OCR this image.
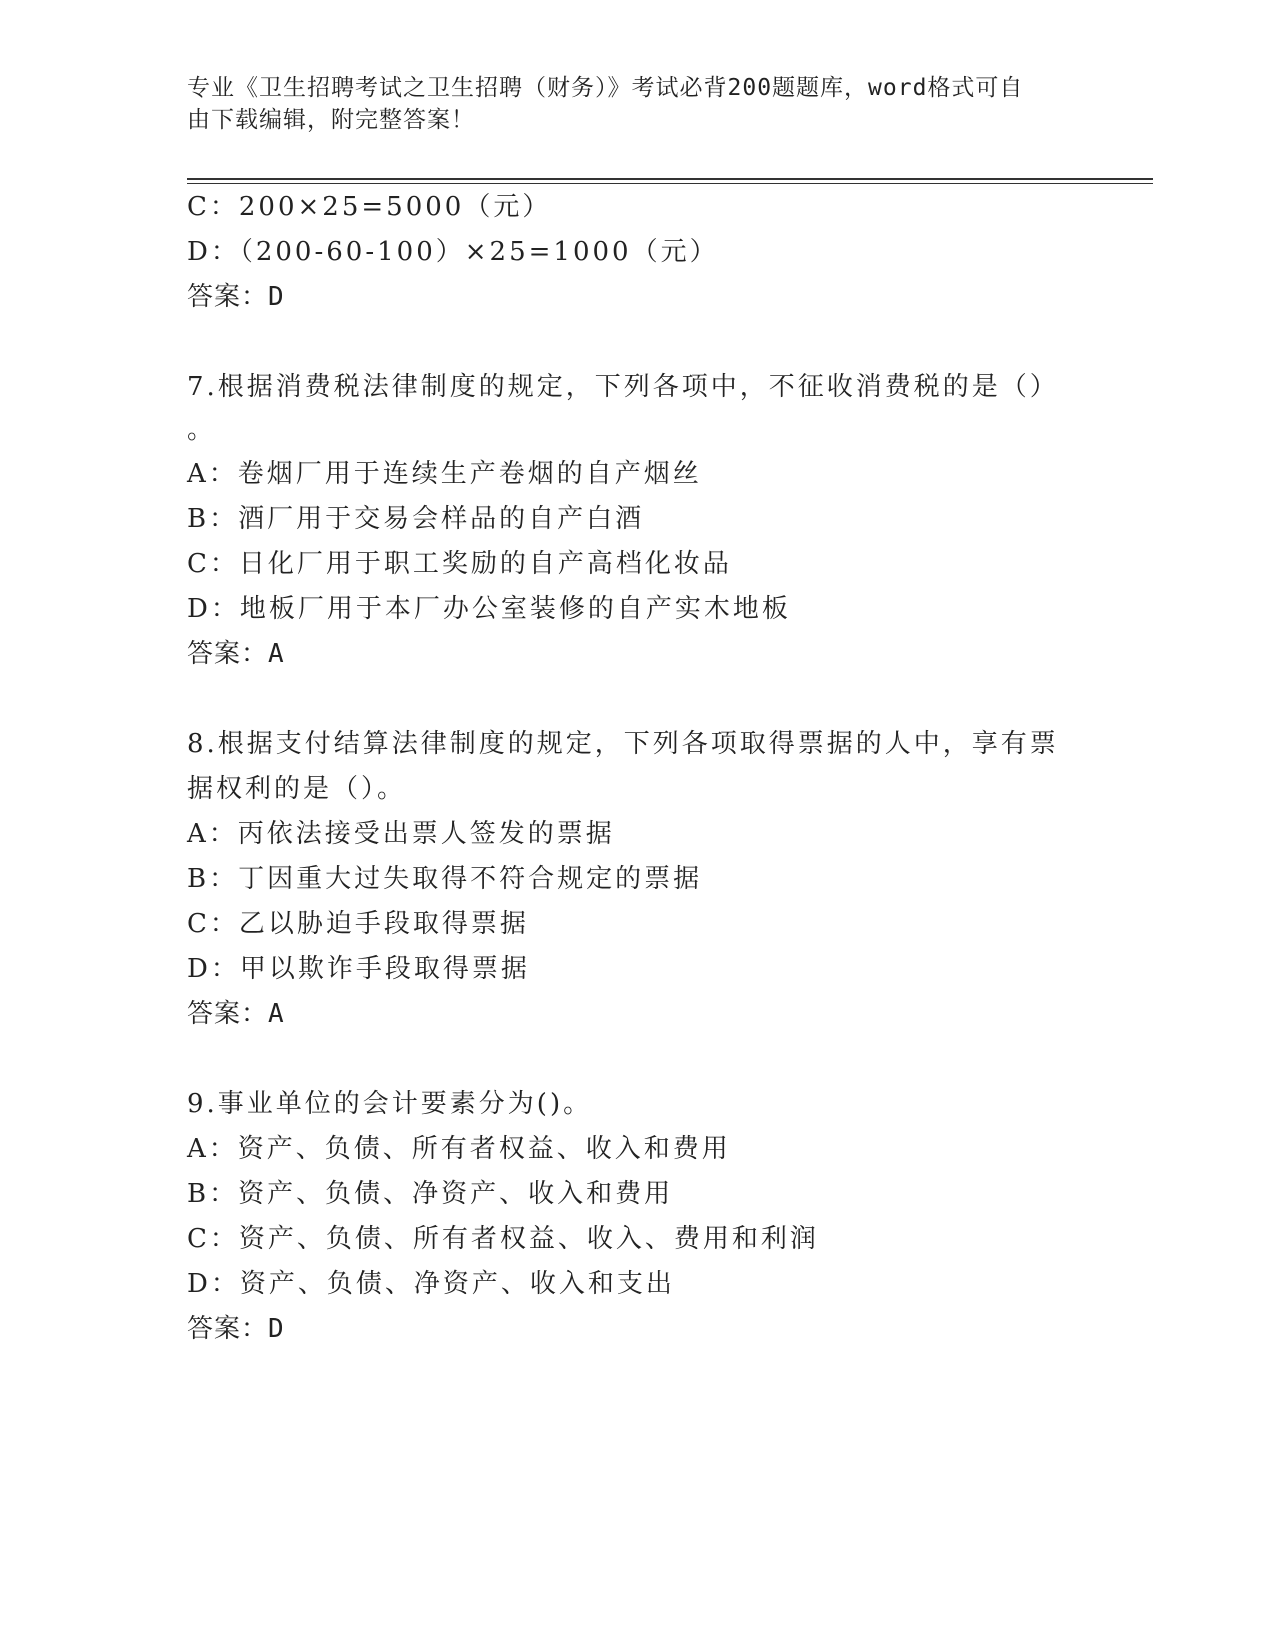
专业《卫生招聘考试之卫生招聘（财务）》考试必背200题题库，word格式可自
由下载编辑，附完整答案！
C：200×25=5000（元）
D：（200-60-100）×25=1000（元）
答案：D
7.根据消费税法律制度的规定，下列各项中，不征收消费税的是（）
。
A：卷烟厂用于连续生产卷烟的自产烟丝
B：酒厂用于交易会样品的自产白酒
C：日化厂用于职工奖励的自产高档化妆品
D：地板厂用于本厂办公室装修的自产实木地板
答案：A
8.根据支付结算法律制度的规定，下列各项取得票据的人中，享有票
据权利的是（）。
A：丙依法接受出票人签发的票据
B：丁因重大过失取得不符合规定的票据
C：乙以胁迫手段取得票据
D：甲以欺诈手段取得票据
答案：A
9.事业单位的会计要素分为()。
A：资产、负债、所有者权益、收入和费用
B：资产、负债、净资产、收入和费用
C：资产、负债、所有者权益、收入、费用和利润
D：资产、负债、净资产、收入和支出
答案：D
